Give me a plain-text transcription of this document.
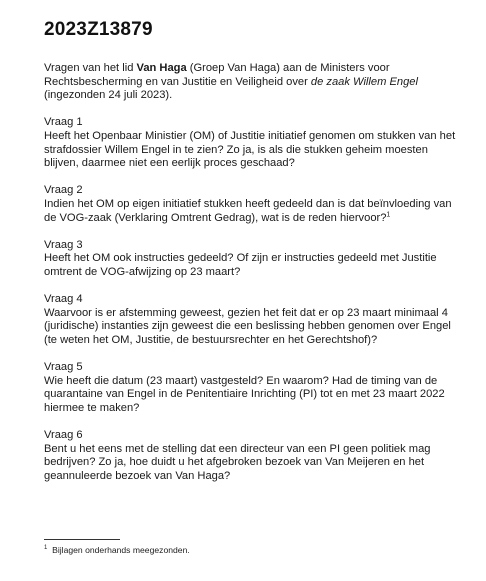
2023Z13879

Vragen van het lid Van Haga (Groep Van Haga) aan de Ministers voor Rechtsbescherming en van Justitie en Veiligheid over de zaak Willem Engel
(ingezonden 24 juli 2023).

Vraag 1
Heeft het Openbaar Ministier (OM) of Justitie initiatief genomen om stukken van het strafdossier Willem Engel in te zien? Zo ja, is als die stukken geheim moesten blijven, daarmee niet een eerlijk proces geschaad?
Vraag 2
Indien het OM op eigen initiatief stukken heeft gedeeld dan is dat beïnvloeding van de VOG-zaak (Verklaring Omtrent Gedrag), wat is de reden hiervoor?$^1$
Vraag 3
Heeft het OM ook instructies gedeeld? Of zijn er instructies gedeeld met Justitie omtrent de VOG-afwijzing op 23 maart?
Vraag 4
Waarvoor is er afstemming geweest, gezien het feit dat er op 23 maart minimaal 4 (juridische) instanties zijn geweest die een beslissing hebben genomen over Engel (te weten het OM, Justitie, de bestuursrechter en het Gerechtshof)?
Vraag 5
Wie heeft die datum (23 maart) vastgesteld? En waarom? Had de timing van de quarantaine van Engel in de Penitentiaire Inrichting (PI) tot en met 23 maart 2022 hiermee te maken?
Vraag 6
Bent u het eens met de stelling dat een directeur van een PI geen politiek mag bedrijven? Zo ja, hoe duidt u het afgebroken bezoek van Van Meijeren en het geannuleerde bezoek van Van Haga?
$^1$ Bijlagen onderhands meegezonden.
